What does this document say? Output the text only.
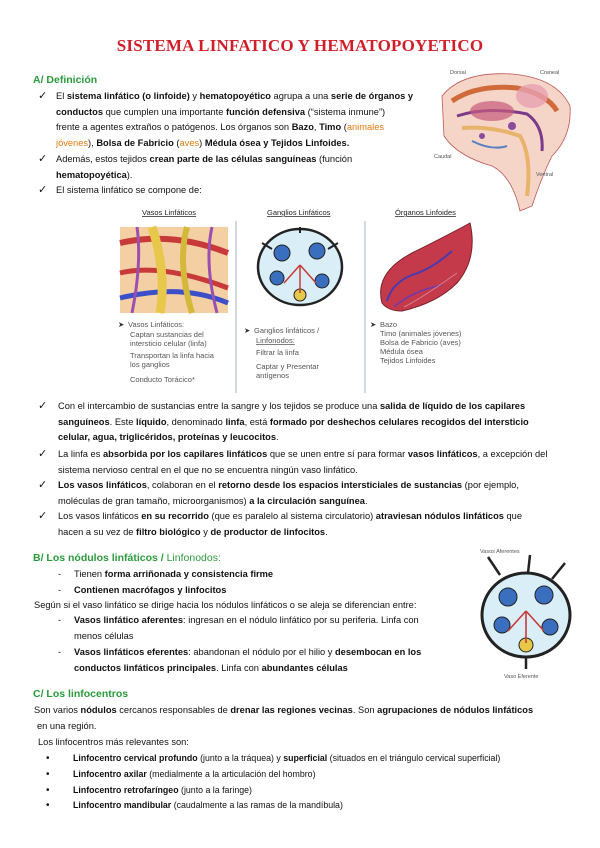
SISTEMA LINFATICO Y HEMATOPOYETICO
A/ Definición
✓ El sistema linfático (o linfoide) y hematopoyético agrupa a una serie de órganos y
conductos que cumplen una importante función defensiva (“sistema inmune”)
frente a agentes extraños o patógenos. Los órganos son Bazo, Timo (animales
jóvenes), Bolsa de Fabricio (aves) Médula ósea y Tejidos Linfoides.
✓ Además, estos tejidos crean parte de las células sanguíneas (función
hematopoyética).
✓ El sistema linfático se compone de:
Dorsal	Craneal
Caudal
Ventral
Vasos Linfáticos	Ganglios Linfáticos	Órganos Linfoides
➤ Vasos Linfáticos:
Captan sustancias del
intersticio celular (linfa)
Transportan la linfa hacia
los ganglios
Conducto Torácico*
➤ Ganglios linfáticos /
Linfonodos:
Filtrar la linfa
Captar y Presentar
antígenos
➤ Bazo
Timo (animales jóvenes)
Bolsa de Fabricio (aves)
Médula ósea
Tejidos Linfoides
✓ Con el intercambio de sustancias entre la sangre y los tejidos se produce una salida de líquido de los capilares
sanguíneos. Este líquido, denominado linfa, está formado por deshechos celulares recogidos del intersticio
celular, agua, triglicéridos, proteínas y leucocitos.
✓ La linfa es absorbida por los capilares linfáticos que se unen entre sí para formar vasos linfáticos, a excepción del
sistema nervioso central en el que no se encuentra ningún vaso linfático.
✓ Los vasos linfáticos, colaboran en el retorno desde los espacios intersticiales de sustancias (por ejemplo,
moléculas de gran tamaño, microorganismos) a la circulación sanguínea.
✓ Los vasos linfáticos en su recorrido (que es paralelo al sistema circulatorio) atraviesan nódulos linfáticos que
hacen a su vez de filtro biológico y de productor de linfocitos.
B/ Los nódulos linfáticos / Linfonodos:
- Tienen forma arriñonada y consistencia firme
- Contienen macrófagos y linfocitos
Según si el vaso linfático se dirige hacia los nódulos linfáticos o se aleja se diferencian entre:
- Vasos linfático aferentes: ingresan en el nódulo linfático por su periferia. Linfa con
menos células
- Vasos linfáticos eferentes: abandonan el nódulo por el hilio y desembocan en los
conductos linfáticos principales. Linfa con abundantes células
Vasos Aferentes
Vaso Eferente
C/ Los linfocentros
Son varios nódulos cercanos responsables de drenar las regiones vecinas. Son agrupaciones de nódulos linfáticos
en una región.
Los linfocentros más relevantes son:
•	Linfocentro cervical profundo (junto a la tráquea) y superficial (situados en el triángulo cervical superficial)
•	Linfocentro axilar (medialmente a la articulación del hombro)
•	Linfocentro retrofaríngeo (junto a la faringe)
•	Linfocentro mandibular (caudalmente a las ramas de la mandíbula)
